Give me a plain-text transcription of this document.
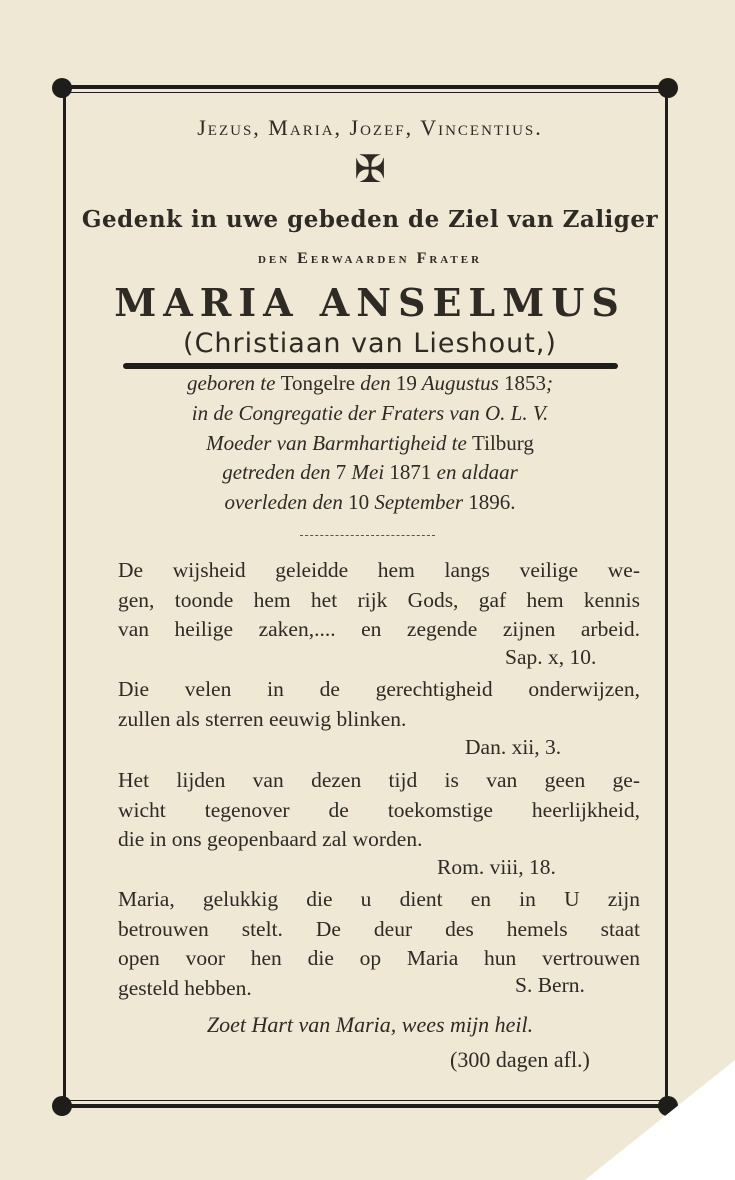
Jezus, Maria, Jozef, Vincentius.
✠
Gedenk in uwe gebeden de Ziel van Zaliger
den Eerwaarden Frater
MARIA ANSELMUS
(Christiaan van Lieshout,)
geboren te Tongelre den 19 Augustus 1853;
in de Congregatie der Fraters van O. L. V.
Moeder van Barmhartigheid te Tilburg
getreden den 7 Mei 1871 en aldaar
overleden den 10 September 1896.
De wijsheid geleidde hem langs veilige we-
gen, toonde hem het rijk Gods, gaf hem kennis
van heilige zaken,.... en zegende zijnen arbeid.
Sap. x, 10.
Die velen in de gerechtigheid onderwijzen,
zullen als sterren eeuwig blinken.
Dan. xii, 3.
Het lijden van dezen tijd is van geen ge-
wicht tegenover de toekomstige heerlijkheid,
die in ons geopenbaard zal worden.
Rom. viii, 18.
Maria, gelukkig die u dient en in U zijn
betrouwen stelt. De deur des hemels staat
open voor hen die op Maria hun vertrouwen
gesteld hebben.	S. Bern.
Zoet Hart van Maria, wees mijn heil.
(300 dagen afl.)
